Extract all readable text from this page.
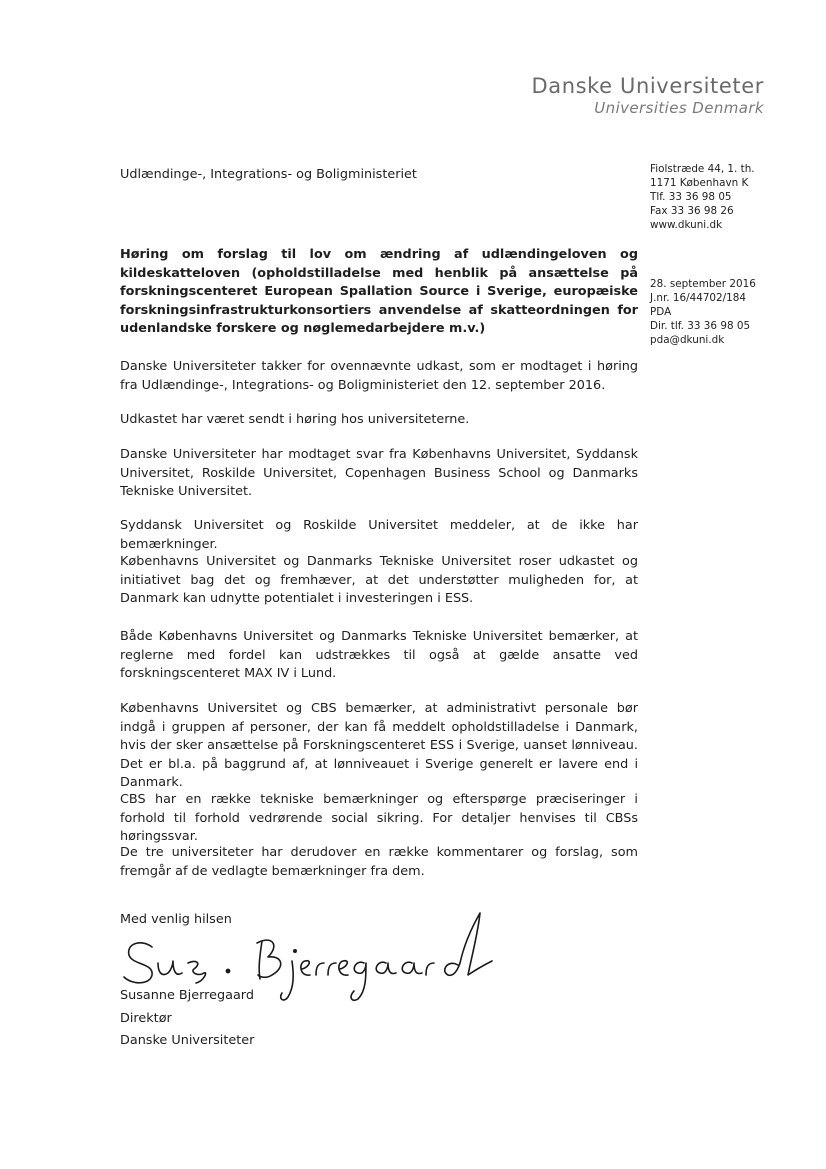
Danske Universiteter
Universities Denmark
Udlændinge-, Integrations- og Boligministeriet	Fiolstræde 44, 1. th.
1171 København K
Tlf. 33 36 98 05
Fax 33 36 98 26
www.dkuni.dk
28. september 2016
J.nr. 16/44702/184
PDA
Dir. tlf. 33 36 98 05
pda@dkuni.dk
Høring om forslag til lov om ændring af udlændingeloven og kildeskatteloven (opholdstilladelse med henblik på ansættelse på forskningscenteret European Spallation Source i Sverige, europæiske forskningsinfrastrukturkonsortiers anvendelse af skatteordningen for udenlandske forskere og nøglemedarbejdere m.v.)

Danske Universiteter takker for ovennævnte udkast, som er modtaget i høring fra Udlændinge-, Integrations- og Boligministeriet den 12. september 2016.

Udkastet har været sendt i høring hos universiteterne.

Danske Universiteter har modtaget svar fra Københavns Universitet, Syddansk Universitet, Roskilde Universitet, Copenhagen Business School og Danmarks Tekniske Universitet.

Syddansk Universitet og Roskilde Universitet meddeler, at de ikke har bemærkninger.

Københavns Universitet og Danmarks Tekniske Universitet roser udkastet og initiativet bag det og fremhæver, at det understøtter muligheden for, at Danmark kan udnytte potentialet i investeringen i ESS.

Både Københavns Universitet og Danmarks Tekniske Universitet bemærker, at reglerne med fordel kan udstrækkes til også at gælde ansatte ved forskningscenteret MAX IV i Lund.

Københavns Universitet og CBS bemærker, at administrativt personale bør indgå i gruppen af personer, der kan få meddelt opholdstilladelse i Danmark, hvis der sker ansættelse på Forskningscenteret ESS i Sverige, uanset lønniveau. Det er bl.a. på baggrund af, at lønniveauet i Sverige generelt er lavere end i Danmark.

CBS har en række tekniske bemærkninger og efterspørge præciseringer i forhold til forhold vedrørende social sikring. For detaljer henvises til CBSs høringssvar.

De tre universiteter har derudover en række kommentarer og forslag, som fremgår af de vedlagte bemærkninger fra dem.

Med venlig hilsen
Susanne Bjerregaard
Direktør
Danske Universiteter
